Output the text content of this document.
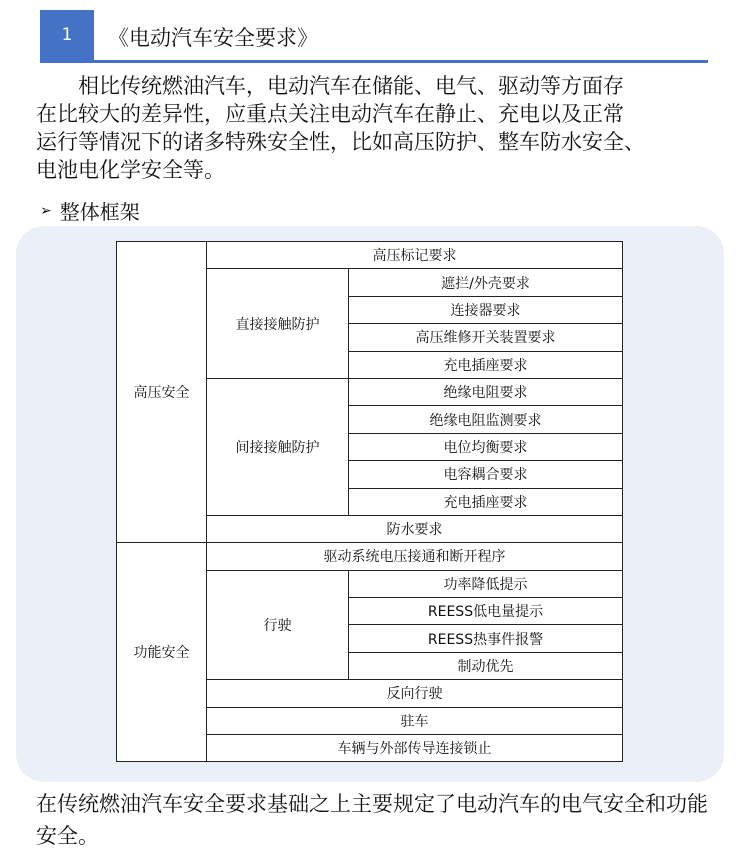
1	《电动汽车安全要求》

相比传统燃油汽车，电动汽车在储能、电气、驱动等方面存

在比较大的差异性，应重点关注电动汽车在静止、充电以及正常

运行等情况下的诸多特殊安全性，比如高压防护、整车防水安全、

电池电化学安全等。

➢ 整体框架
高压安全	高压标记要求	
	直接接触防护	遮拦/外壳要求
		连接器要求
		高压维修开关装置要求
		充电插座要求
	间接接触防护	绝缘电阻要求
		绝缘电阻监测要求
		电位均衡要求
		电容耦合要求
		充电插座要求
	防水要求	
功能安全	驱动系统电压接通和断开程序	
	行驶	功率降低提示
		REESS低电量提示
		REESS热事件报警
		制动优先
	反向行驶	
	驻车	
	车辆与外部传导连接锁止	

在传统燃油汽车安全要求基础之上主要规定了电动汽车的电气安全和功能安全。
